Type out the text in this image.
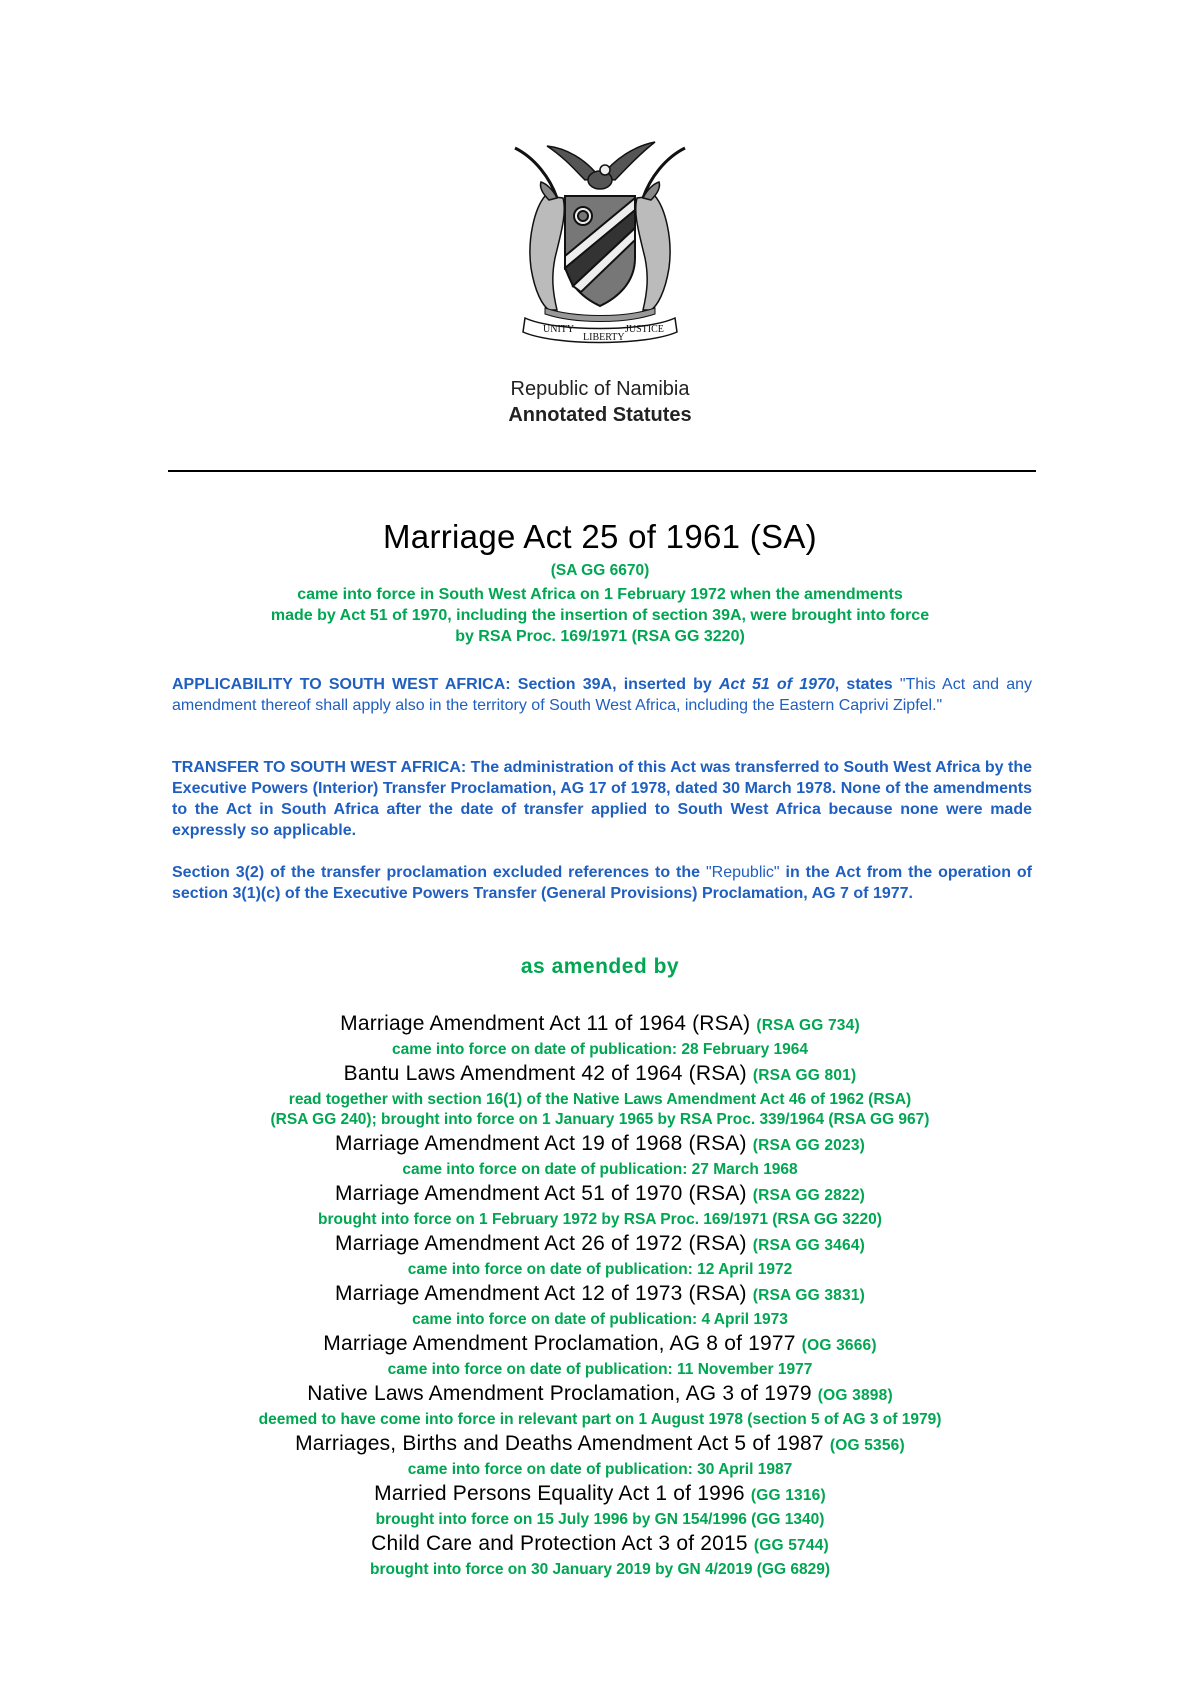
UNITY
LIBERTY
JUSTICE
Republic of Namibia
Annotated Statutes
Marriage Act 25 of 1961 (SA)
(SA GG 6670)
came into force in South West Africa on 1 February 1972 when the amendments
made by Act 51 of 1970, including the insertion of section 39A, were brought into force
by RSA Proc. 169/1971 (RSA GG 3220)
APPLICABILITY TO SOUTH WEST AFRICA: Section 39A, inserted by Act 51 of 1970, states "This Act and any amendment thereof shall apply also in the territory of South West Africa, including the Eastern Caprivi Zipfel."
TRANSFER TO SOUTH WEST AFRICA: The administration of this Act was transferred to South West Africa by the Executive Powers (Interior) Transfer Proclamation, AG 17 of 1978, dated 30 March 1978. None of the amendments to the Act in South Africa after the date of transfer applied to South West Africa because none were made expressly so applicable.
Section 3(2) of the transfer proclamation excluded references to the "Republic" in the Act from the operation of section 3(1)(c) of the Executive Powers Transfer (General Provisions) Proclamation, AG 7 of 1977.
as amended by
Marriage Amendment Act 11 of 1964 (RSA) (RSA GG 734)
came into force on date of publication: 28 February 1964
Bantu Laws Amendment 42 of 1964 (RSA) (RSA GG 801)
read together with section 16(1) of the Native Laws Amendment Act 46 of 1962 (RSA)
(RSA GG 240); brought into force on 1 January 1965 by RSA Proc. 339/1964 (RSA GG 967)
Marriage Amendment Act 19 of 1968 (RSA) (RSA GG 2023)
came into force on date of publication: 27 March 1968
Marriage Amendment Act 51 of 1970 (RSA) (RSA GG 2822)
brought into force on 1 February 1972 by RSA Proc. 169/1971 (RSA GG 3220)
Marriage Amendment Act 26 of 1972 (RSA) (RSA GG 3464)
came into force on date of publication: 12 April 1972
Marriage Amendment Act 12 of 1973 (RSA) (RSA GG 3831)
came into force on date of publication: 4 April 1973
Marriage Amendment Proclamation, AG 8 of 1977 (OG 3666)
came into force on date of publication: 11 November 1977
Native Laws Amendment Proclamation, AG 3 of 1979 (OG 3898)
deemed to have come into force in relevant part on 1 August 1978 (section 5 of AG 3 of 1979)
Marriages, Births and Deaths Amendment Act 5 of 1987 (OG 5356)
came into force on date of publication: 30 April 1987
Married Persons Equality Act 1 of 1996 (GG 1316)
brought into force on 15 July 1996 by GN 154/1996 (GG 1340)
Child Care and Protection Act 3 of 2015 (GG 5744)
brought into force on 30 January 2019 by GN 4/2019 (GG 6829)
